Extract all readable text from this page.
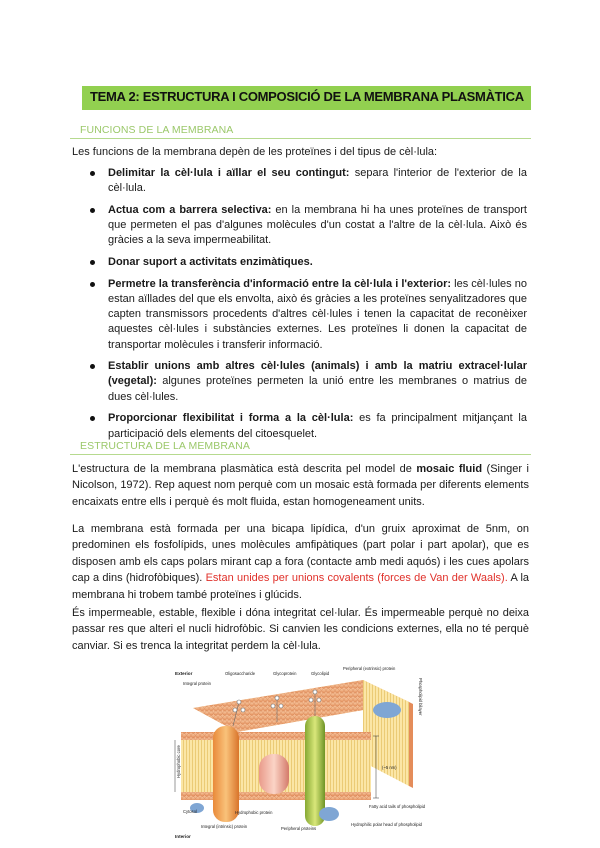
TEMA 2: ESTRUCTURA I COMPOSICIÓ DE LA MEMBRANA PLASMÀTICA
FUNCIONS DE LA MEMBRANA
Les funcions de la membrana depèn de les proteïnes i del tipus de cèl·lula:
Delimitar la cèl·lula i aïllar el seu contingut: separa l'interior de l'exterior de la cèl·lula.
Actua com a barrera selectiva: en la membrana hi ha unes proteïnes de transport que permeten el pas d'algunes molècules d'un costat a l'altre de la cèl·lula. Això és gràcies a la seva impermeabilitat.
Donar suport a activitats enzimàtiques.
Permetre la transferència d'informació entre la cèl·lula i l'exterior: les cèl·lules no estan aïllades del que els envolta, això és gràcies a les proteïnes senyalitzadores que capten transmissors procedents d'altres cèl·lules i tenen la capacitat de reconèixer aquestes cèl·lules i substàncies externes. Les proteïnes li donen la capacitat de transportar molècules i transferir informació.
Establir unions amb altres cèl·lules (animals) i amb la matriu extracel·lular (vegetal): algunes proteïnes permeten la unió entre les membranes o matrius de dues cèl·lules.
Proporcionar flexibilitat i forma a la cèl·lula: es fa principalment mitjançant la participació dels elements del citoesquelet.
ESTRUCTURA DE LA MEMBRANA
L'estructura de la membrana plasmàtica està descrita pel model de mosaic fluid (Singer i Nicolson, 1972). Rep aquest nom perquè com un mosaic està formada per diferents elements encaixats entre ells i perquè és molt fluida, estan homogeneament units.
La membrana està formada per una bicapa lipídica, d'un gruix aproximat de 5nm, on predominen els fosfolípids, unes molècules amfipàtiques (part polar i part apolar), que es disposen amb els caps polars mirant cap a fora (contacte amb medi aquós) i les cues apolars cap a dins (hidrofòbiques). Estan unides per unions covalents (forces de Van der Waals). A la membrana hi trobem també proteïnes i glúcids.
És impermeable, estable, flexible i dóna integritat cel·lular. És impermeable perquè no deixa passar res que alteri el nucli hidrofòbic. Si canvien les condicions externes, ella no té perquè canviar. Si es trenca la integritat perdem la cèl·lula.
Exterior
Integral protein
Oligosaccharide	Glycoprotein	Glycolipid
Peripheral (extrinsic) protein
Phospholipid bilayer
Hydrophobic core	(~5 nm)
Cytosol	Hydrophobic protein
Integral (intrinsic) protein	Peripheral proteins
Fatty acid tails of phospholipid
Hydrophilic polar head of phospholipid
Interior
